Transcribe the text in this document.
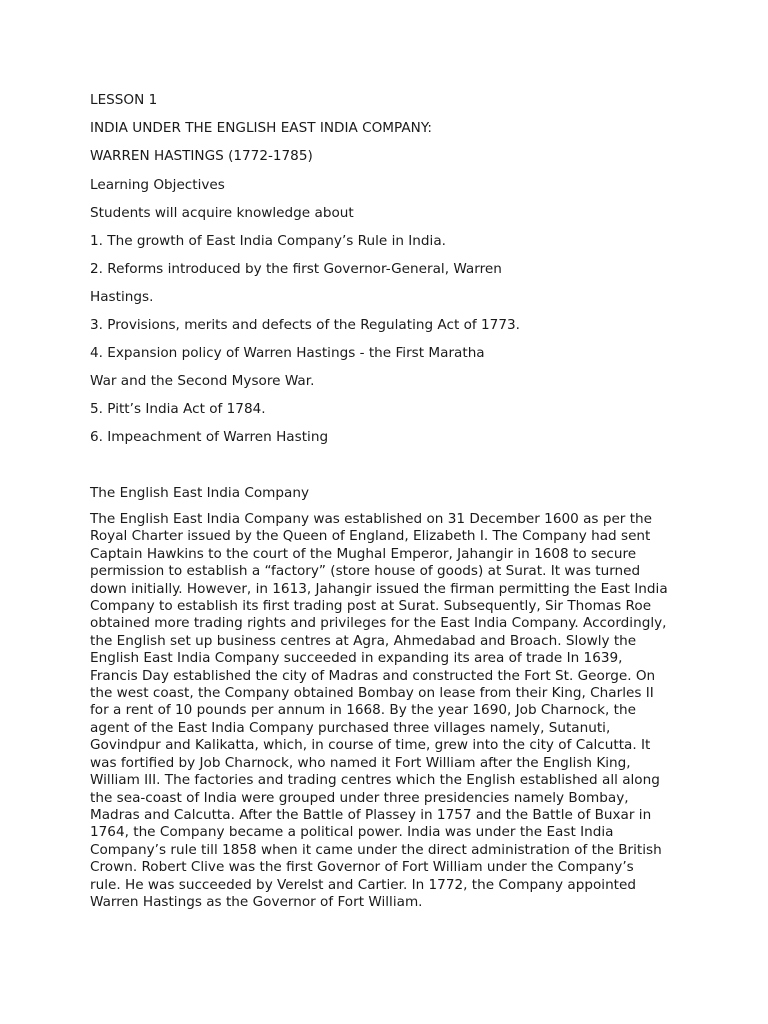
LESSON 1
INDIA UNDER THE ENGLISH EAST INDIA COMPANY:
WARREN HASTINGS (1772-1785)
Learning Objectives
Students will acquire knowledge about
1. The growth of East India Company’s Rule in India.
2. Reforms introduced by the first Governor-General, Warren
Hastings.
3. Provisions, merits and defects of the Regulating Act of 1773.
4. Expansion policy of Warren Hastings - the First Maratha
War and the Second Mysore War.
5. Pitt’s India Act of 1784.
6. Impeachment of Warren Hasting
The English East India Company
The English East India Company was established on 31 December 1600 as per the
Royal Charter issued by the Queen of England, Elizabeth I. The Company had sent
Captain Hawkins to the court of the Mughal Emperor, Jahangir in 1608 to secure
permission to establish a “factory” (store house of goods) at Surat. It was turned
down initially. However, in 1613, Jahangir issued the firman permitting the East India
Company to establish its first trading post at Surat. Subsequently, Sir Thomas Roe
obtained more trading rights and privileges for the East India Company. Accordingly,
the English set up business centres at Agra, Ahmedabad and Broach. Slowly the
English East India Company succeeded in expanding its area of trade In 1639,
Francis Day established the city of Madras and constructed the Fort St. George. On
the west coast, the Company obtained Bombay on lease from their King, Charles II
for a rent of 10 pounds per annum in 1668. By the year 1690, Job Charnock, the
agent of the East India Company purchased three villages namely, Sutanuti,
Govindpur and Kalikatta, which, in course of time, grew into the city of Calcutta. It
was fortified by Job Charnock, who named it Fort William after the English King,
William III. The factories and trading centres which the English established all along
the sea-coast of India were grouped under three presidencies namely Bombay,
Madras and Calcutta. After the Battle of Plassey in 1757 and the Battle of Buxar in
1764, the Company became a political power. India was under the East India
Company’s rule till 1858 when it came under the direct administration of the British
Crown. Robert Clive was the first Governor of Fort William under the Company’s
rule. He was succeeded by Verelst and Cartier. In 1772, the Company appointed
Warren Hastings as the Governor of Fort William.
